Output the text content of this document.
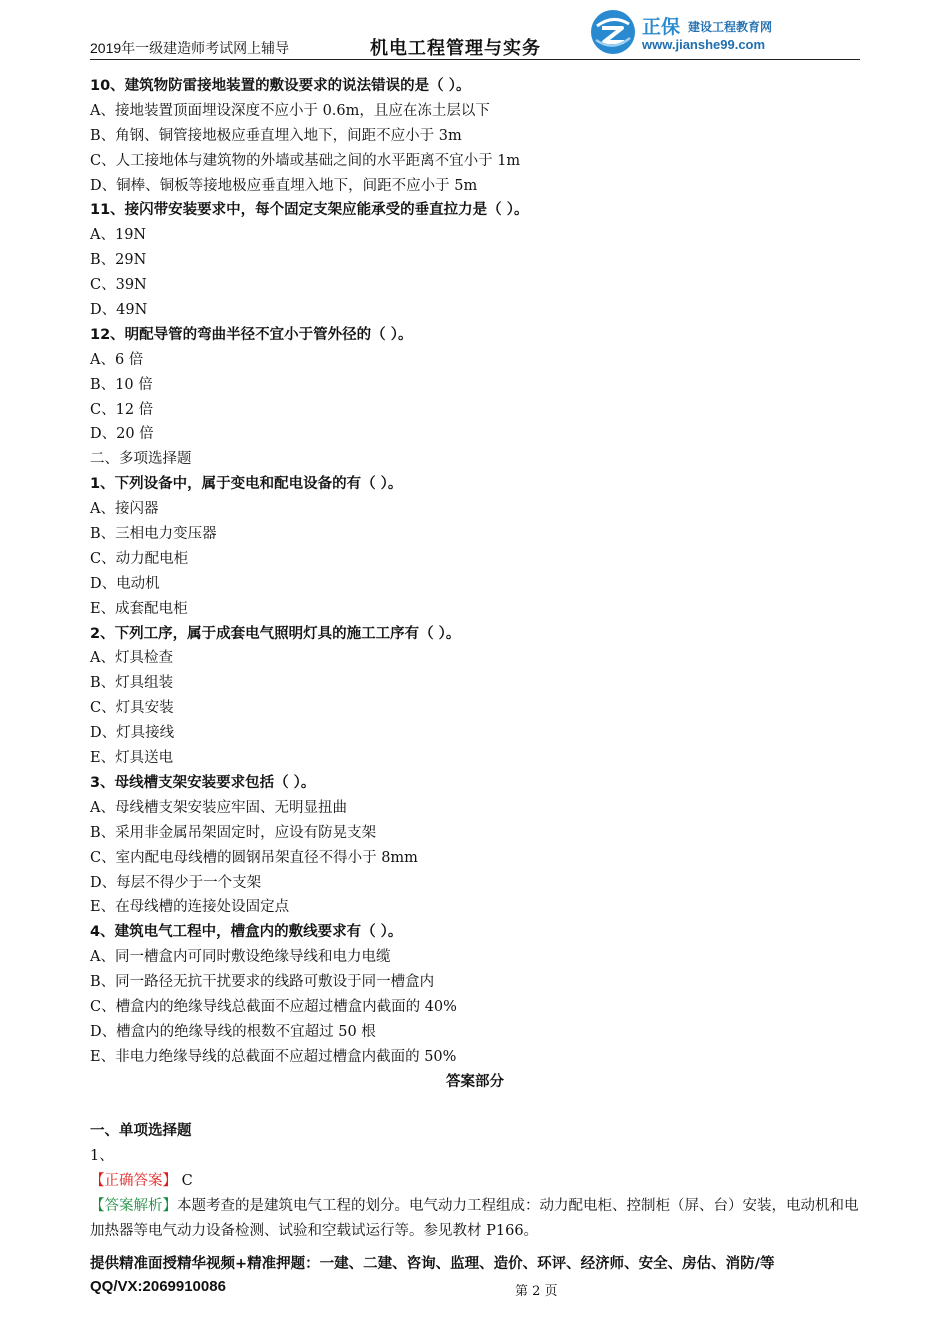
2019年一级建造师考试网上辅导	机电工程管理与实务
正保 建设工程教育网
www.jianshe99.com
10、建筑物防雷接地装置的敷设要求的说法错误的是（ ）。
A、接地装置顶面埋设深度不应小于 0.6m，且应在冻土层以下
B、角钢、铜管接地极应垂直埋入地下，间距不应小于 3m
C、人工接地体与建筑物的外墙或基础之间的水平距离不宜小于 1m
D、铜棒、铜板等接地极应垂直埋入地下，间距不应小于 5m
11、接闪带安装要求中，每个固定支架应能承受的垂直拉力是（ ）。
A、19N
B、29N
C、39N
D、49N
12、明配导管的弯曲半径不宜小于管外径的（ ）。
A、6 倍
B、10 倍
C、12 倍
D、20 倍
二、多项选择题
1、下列设备中，属于变电和配电设备的有（ ）。
A、接闪器
B、三相电力变压器
C、动力配电柜
D、电动机
E、成套配电柜
2、下列工序，属于成套电气照明灯具的施工工序有（ ）。
A、灯具检查
B、灯具组装
C、灯具安装
D、灯具接线
E、灯具送电
3、母线槽支架安装要求包括（ ）。
A、母线槽支架安装应牢固、无明显扭曲
B、采用非金属吊架固定时，应设有防晃支架
C、室内配电母线槽的圆钢吊架直径不得小于 8mm
D、每层不得少于一个支架
E、在母线槽的连接处设固定点
4、建筑电气工程中，槽盒内的敷线要求有（ ）。
A、同一槽盒内可同时敷设绝缘导线和电力电缆
B、同一路径无抗干扰要求的线路可敷设于同一槽盒内
C、槽盒内的绝缘导线总截面不应超过槽盒内截面的 40%
D、槽盒内的绝缘导线的根数不宜超过 50 根
E、非电力绝缘导线的总截面不应超过槽盒内截面的 50%
答案部分
一、单项选择题
1、
【正确答案】 C
【答案解析】本题考查的是建筑电气工程的划分。电气动力工程组成：动力配电柜、控制柜（屏、台）安装，电动机和电加热器等电气动力设备检测、试验和空载试运行等。参见教材 P166。
提供精准面授精华视频+精准押题：一建、二建、咨询、监理、造价、环评、经济师、安全、房估、消防/等
QQ/VX:2069910086	第 2 页
